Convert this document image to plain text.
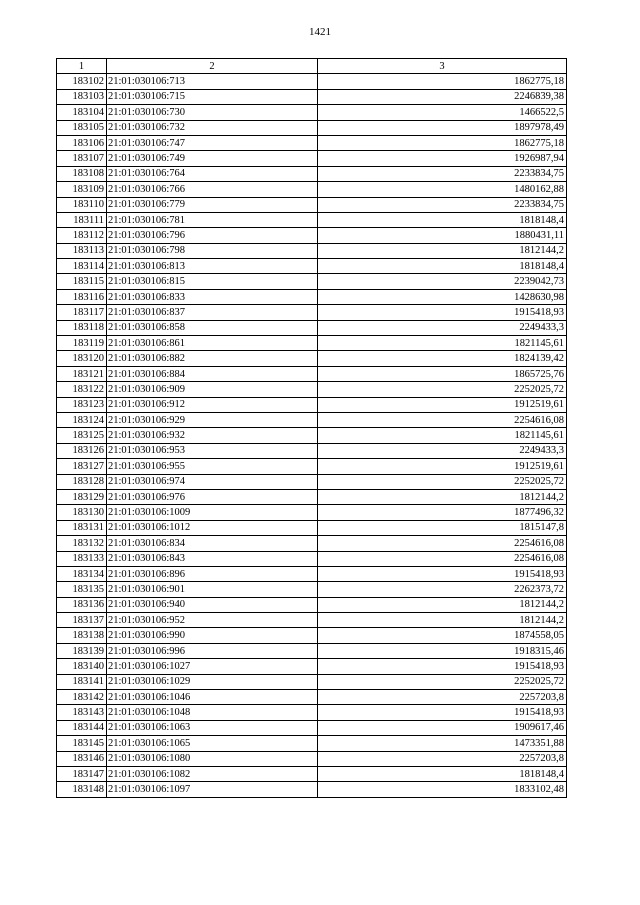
1421
1	2	3
183102	21:01:030106:713	1862775,18
183103	21:01:030106:715	2246839,38
183104	21:01:030106:730	1466522,5
183105	21:01:030106:732	1897978,49
183106	21:01:030106:747	1862775,18
183107	21:01:030106:749	1926987,94
183108	21:01:030106:764	2233834,75
183109	21:01:030106:766	1480162,88
183110	21:01:030106:779	2233834,75
183111	21:01:030106:781	1818148,4
183112	21:01:030106:796	1880431,11
183113	21:01:030106:798	1812144,2
183114	21:01:030106:813	1818148,4
183115	21:01:030106:815	2239042,73
183116	21:01:030106:833	1428630,98
183117	21:01:030106:837	1915418,93
183118	21:01:030106:858	2249433,3
183119	21:01:030106:861	1821145,61
183120	21:01:030106:882	1824139,42
183121	21:01:030106:884	1865725,76
183122	21:01:030106:909	2252025,72
183123	21:01:030106:912	1912519,61
183124	21:01:030106:929	2254616,08
183125	21:01:030106:932	1821145,61
183126	21:01:030106:953	2249433,3
183127	21:01:030106:955	1912519,61
183128	21:01:030106:974	2252025,72
183129	21:01:030106:976	1812144,2
183130	21:01:030106:1009	1877496,32
183131	21:01:030106:1012	1815147,8
183132	21:01:030106:834	2254616,08
183133	21:01:030106:843	2254616,08
183134	21:01:030106:896	1915418,93
183135	21:01:030106:901	2262373,72
183136	21:01:030106:940	1812144,2
183137	21:01:030106:952	1812144,2
183138	21:01:030106:990	1874558,05
183139	21:01:030106:996	1918315,46
183140	21:01:030106:1027	1915418,93
183141	21:01:030106:1029	2252025,72
183142	21:01:030106:1046	2257203,8
183143	21:01:030106:1048	1915418,93
183144	21:01:030106:1063	1909617,46
183145	21:01:030106:1065	1473351,88
183146	21:01:030106:1080	2257203,8
183147	21:01:030106:1082	1818148,4
183148	21:01:030106:1097	1833102,48
